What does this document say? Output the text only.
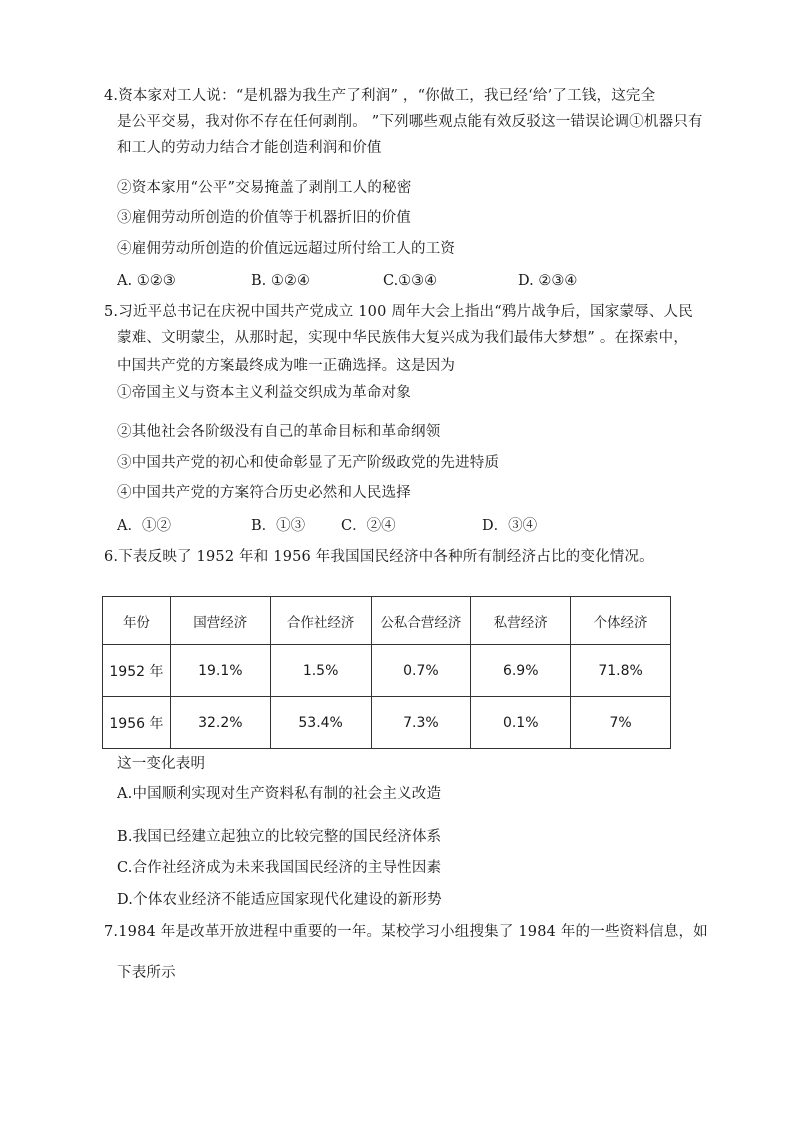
4.资本家对工人说：“是机器为我生产了利润” ，“你做工，我已经‘给’了工钱，这完全
是公平交易，我对你不存在任何剥削。 ”下列哪些观点能有效反驳这一错误论调①机器只有
和工人的劳动力结合才能创造利润和价值
②资本家用“公平”交易掩盖了剥削工人的秘密
③雇佣劳动所创造的价值等于机器折旧的价值
④雇佣劳动所创造的价值远远超过所付给工人的工资
A. ①②③	B. ①②④	C.①③④	D. ②③④
5.习近平总书记在庆祝中国共产党成立 100 周年大会上指出“鸦片战争后，国家蒙辱、人民
蒙难、文明蒙尘，从那时起，实现中华民族伟大复兴成为我们最伟大梦想” 。在探索中，
中国共产党的方案最终成为唯一正确选择。这是因为
①帝国主义与资本主义利益交织成为革命对象
②其他社会各阶级没有自己的革命目标和革命纲领
③中国共产党的初心和使命彰显了无产阶级政党的先进特质
④中国共产党的方案符合历史必然和人民选择
A．①②	B．①③ C．②④	D．③④
6.下表反映了 1952 年和 1956 年我国国民经济中各种所有制经济占比的变化情况。
年份	国营经济	合作社经济	公私合营经济	私营经济	个体经济
1952 年	19.1%	1.5%	0.7%	6.9%	71.8%
1956 年	32.2%	53.4%	7.3%	0.1%	7%
这一变化表明
A.中国顺利实现对生产资料私有制的社会主义改造
B.我国已经建立起独立的比较完整的国民经济体系
C.合作社经济成为未来我国国民经济的主导性因素
D.个体农业经济不能适应国家现代化建设的新形势
7.1984 年是改革开放进程中重要的一年。某校学习小组搜集了 1984 年的一些资料信息，如
下表所示
